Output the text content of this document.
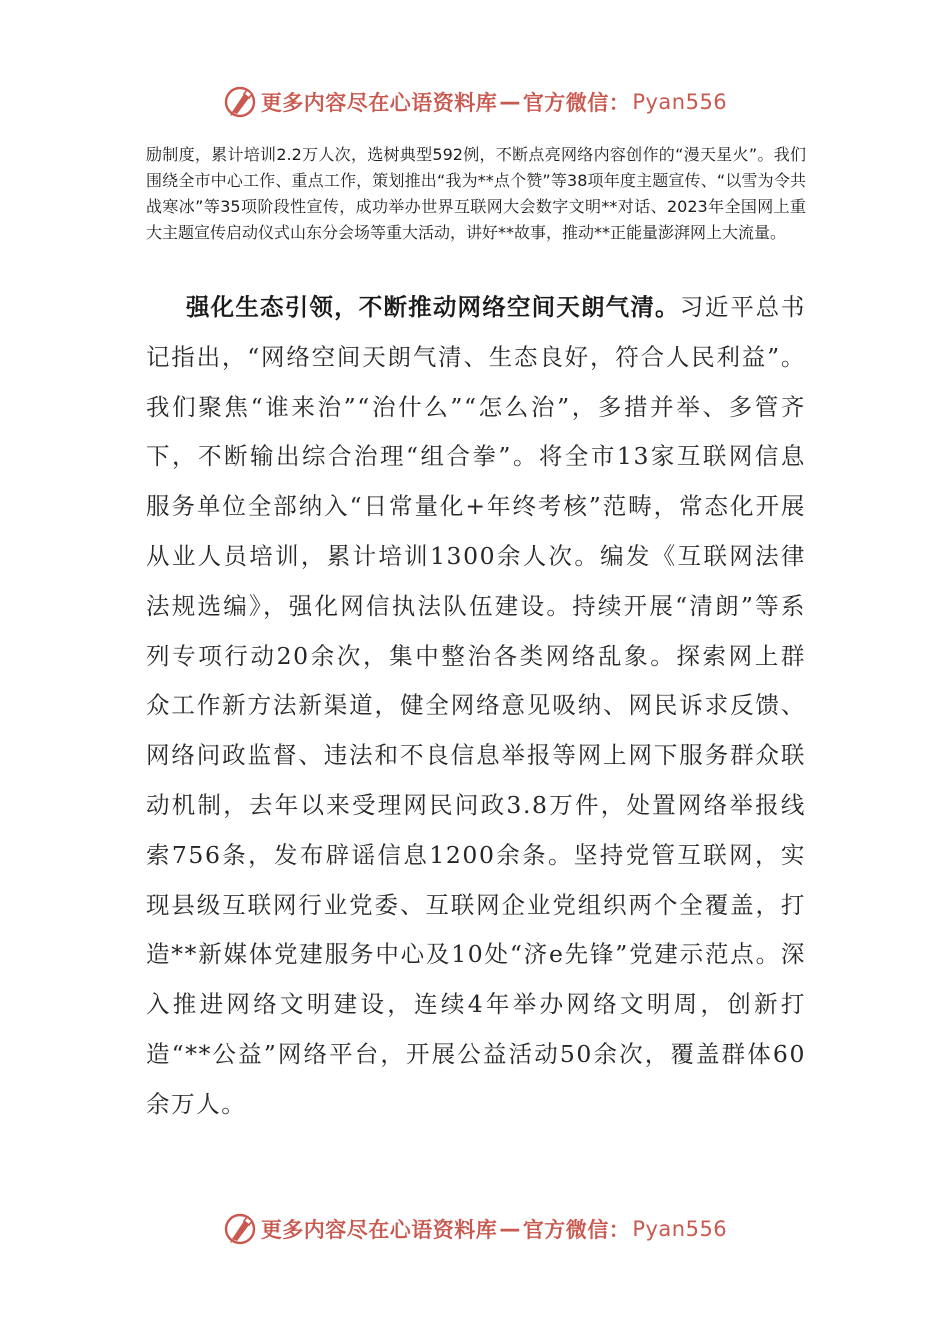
更多内容尽在心语资料库 — 官方微信： Pyan556

励制度，累计培训2.2万人次，选树典型592例，不断点亮网络内容创作的“漫天星火”。我们围绕全市中心工作、重点工作，策划推出“我为**点个赞”等38项年度主题宣传、“以雪为令共战寒冰”等35项阶段性宣传，成功举办世界互联网大会数字文明**对话、2023年全国网上重大主题宣传启动仪式山东分会场等重大活动，讲好**故事，推动**正能量澎湃网上大流量。

强化生态引领，不断推动网络空间天朗气清。习近平总书记指出，“网络空间天朗气清、生态良好，符合人民利益”。我们聚焦“谁来治”“治什么”“怎么治”，多措并举、多管齐下，不断输出综合治理“组合拳”。将全市13家互联网信息服务单位全部纳入“日常量化+年终考核”范畴，常态化开展从业人员培训，累计培训1300余人次。编发《互联网法律法规选编》，强化网信执法队伍建设。持续开展“清朗”等系列专项行动20余次，集中整治各类网络乱象。探索网上群众工作新方法新渠道，健全网络意见吸纳、网民诉求反馈、网络问政监督、违法和不良信息举报等网上网下服务群众联动机制，去年以来受理网民问政3.8万件，处置网络举报线索756条，发布辟谣信息1200余条。坚持党管互联网，实现县级互联网行业党委、互联网企业党组织两个全覆盖，打造**新媒体党建服务中心及10处“济e先锋”党建示范点。深入推进网络文明建设，连续4年举办网络文明周，创新打造“**公益”网络平台，开展公益活动50余次，覆盖群体60余万人。

更多内容尽在心语资料库 — 官方微信： Pyan556
